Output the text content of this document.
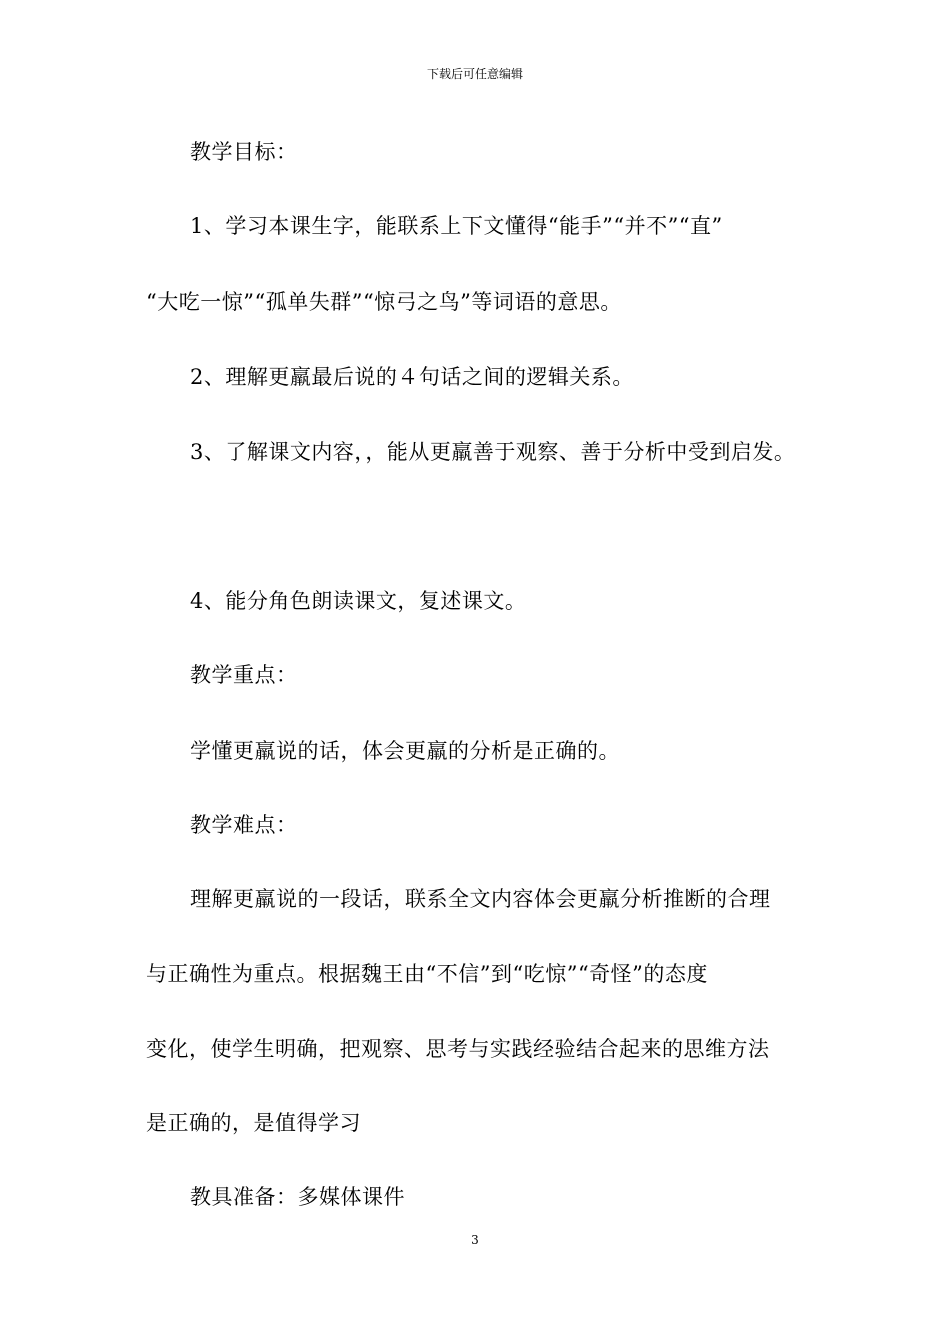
下载后可任意编辑
教学目标：
1、学习本课生字，能联系上下文懂得“能手”“并不”“直”
“大吃一惊”“孤单失群”“惊弓之鸟”等词语的意思。
2、理解更羸最后说的４句话之间的逻辑关系。
3、了解课文内容，，能从更羸善于观察、善于分析中受到启发。
4、能分角色朗读课文，复述课文。
教学重点：
学懂更羸说的话，体会更羸的分析是正确的。
教学难点：
理解更羸说的一段话，联系全文内容体会更羸分析推断的合理
与正确性为重点。根据魏王由“不信”到“吃惊”“奇怪”的态度
变化，使学生明确，把观察、思考与实践经验结合起来的思维方法
是正确的，是值得学习
教具准备：多媒体课件
3
